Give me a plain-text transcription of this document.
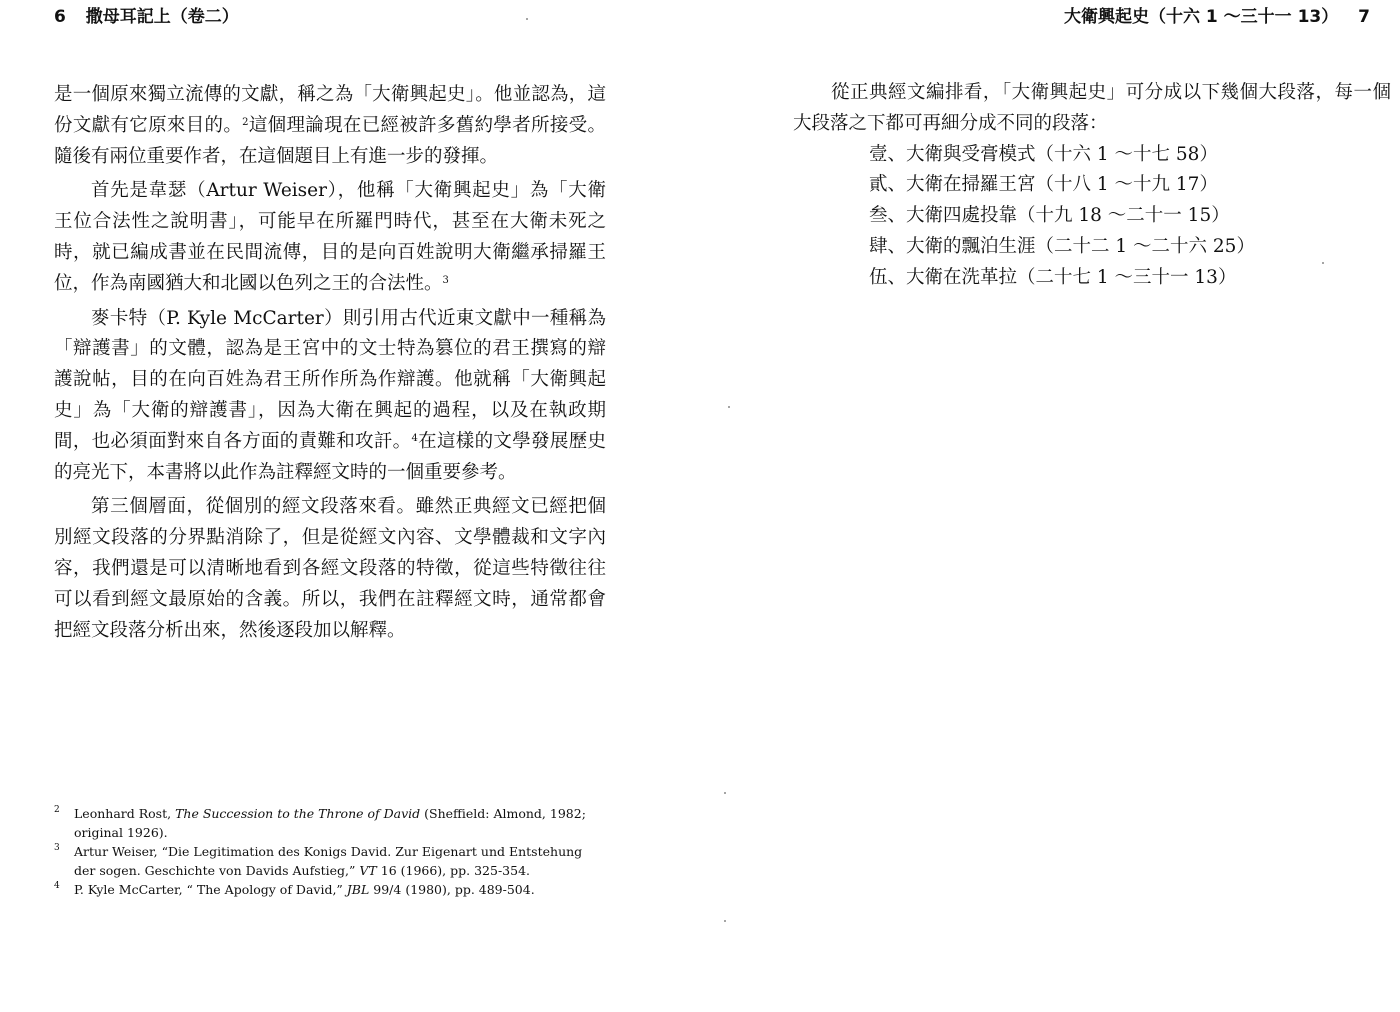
6 撒母耳記上（卷二）

是一個原來獨立流傳的文獻，稱之為「大衛興起史」。他並認為，這份文獻有它原來目的。$^2$這個理論現在已經被許多舊約學者所接受。隨後有兩位重要作者，在這個題目上有進一步的發揮。

首先是韋瑟（Artur Weiser），他稱「大衛興起史」為「大衛王位合法性之說明書」，可能早在所羅門時代，甚至在大衛未死之時，就已編成書並在民間流傳，目的是向百姓說明大衛繼承掃羅王位，作為南國猶大和北國以色列之王的合法性。$^3$

麥卡特（P. Kyle McCarter）則引用古代近東文獻中一種稱為「辯護書」的文體，認為是王宮中的文士特為篡位的君王撰寫的辯護說帖，目的在向百姓為君王所作所為作辯護。他就稱「大衛興起史」為「大衛的辯護書」，因為大衛在興起的過程，以及在執政期間，也必須面對來自各方面的責難和攻訐。$^4$在這樣的文學發展歷史的亮光下，本書將以此作為註釋經文時的一個重要參考。

第三個層面，從個別的經文段落來看。雖然正典經文已經把個別經文段落的分界點消除了，但是從經文內容、文學體裁和文字內容，我們還是可以清晰地看到各經文段落的特徵，從這些特徵往往可以看到經文最原始的含義。所以，我們在註釋經文時，通常都會把經文段落分析出來，然後逐段加以解釋。

2 Leonhard Rost, The Succession to the Throne of David (Sheffield: Almond, 1982; original 1926).
3 Artur Weiser, “Die Legitimation des Konigs David. Zur Eigenart und Entstehung der sogen. Geschichte von Davids Aufstieg,” VT 16 (1966), pp. 325-354.
4 P. Kyle McCarter, “ The Apology of David,” JBL 99/4 (1980), pp. 489-504.
大衛興起史（十六 1 ～三十一 13） 7

從正典經文編排看，「大衛興起史」可分成以下幾個大段落，每一個大段落之下都可再細分成不同的段落：

壹、大衛與受膏模式（十六 1 ～十七 58）
貳、大衛在掃羅王宮（十八 1 ～十九 17）
叁、大衛四處投靠（十九 18 ～二十一 15）
肆、大衛的飄泊生涯（二十二 1 ～二十六 25）
伍、大衛在洗革拉（二十七 1 ～三十一 13）
